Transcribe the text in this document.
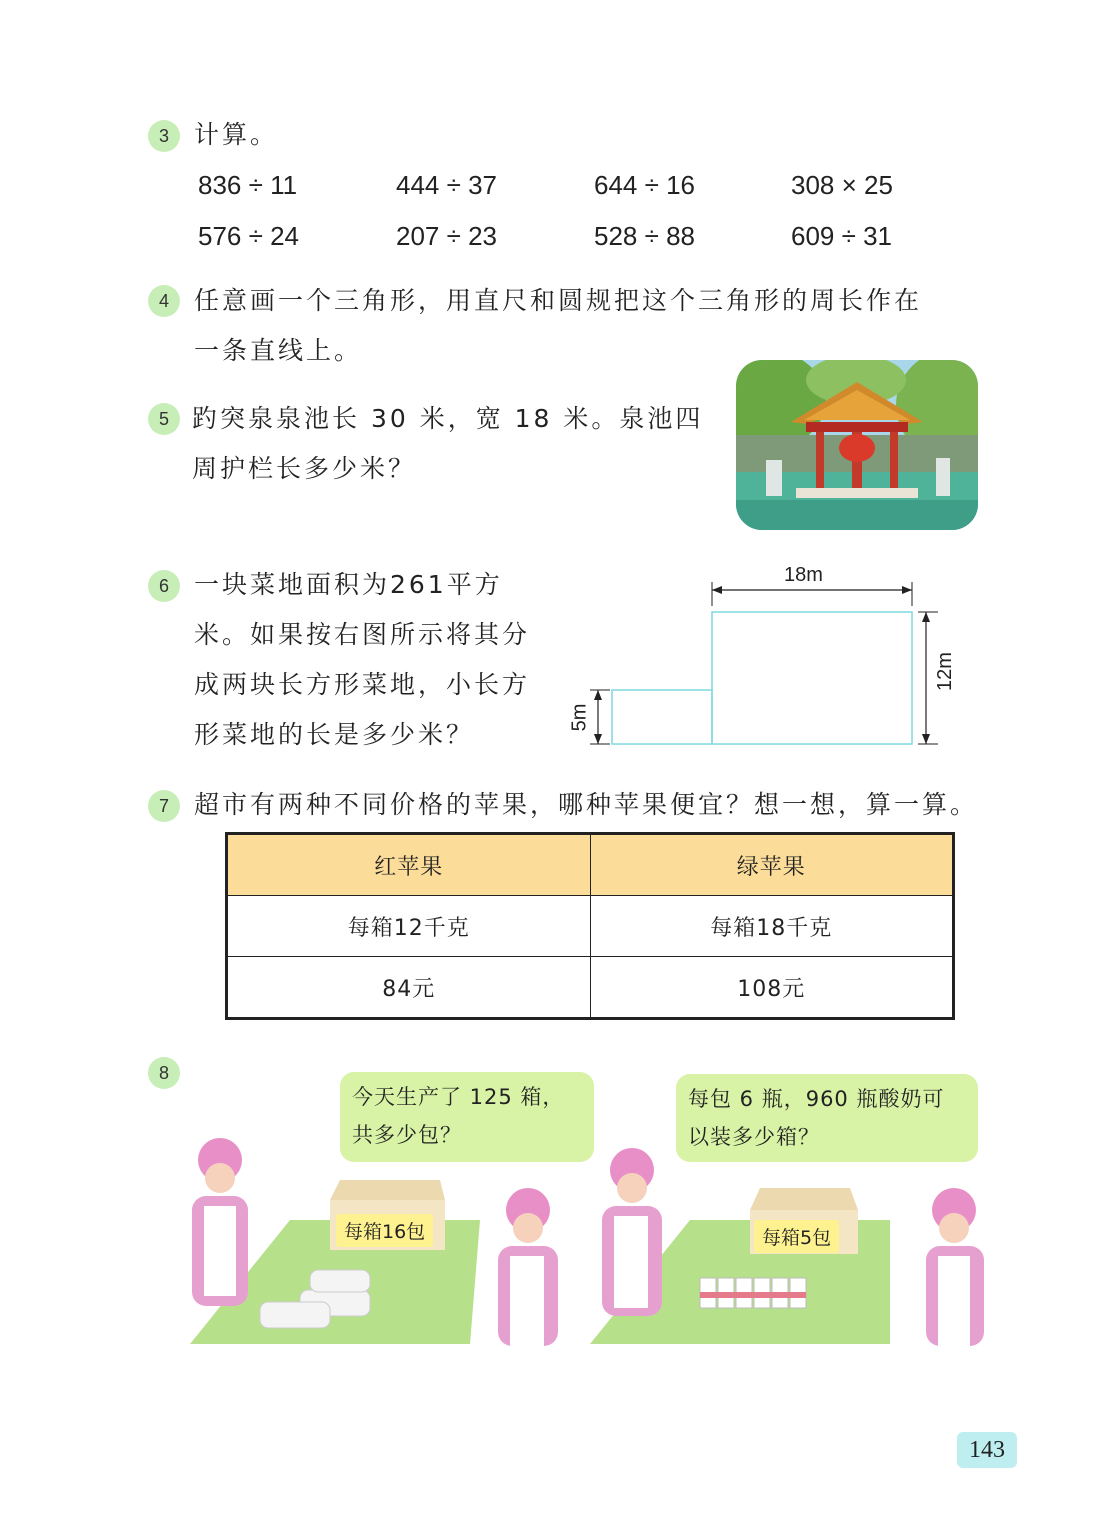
3	计算。
836 ÷ 11	444 ÷ 37	644 ÷ 16	308 × 25
576 ÷ 24	207 ÷ 23	528 ÷ 88	609 ÷ 31
4	任意画一个三角形，用直尺和圆规把这个三角形的周长作在
一条直线上。
5 趵突泉泉池长 30 米，宽 18 米。泉池四
周护栏长多少米？
6	一块菜地面积为261平方
米。如果按右图所示将其分
成两块长方形菜地，小长方
形菜地的长是多少米？
18m
12m
5m
7	超市有两种不同价格的苹果，哪种苹果便宜？想一想，算一算。
红苹果	绿苹果
每箱12千克	每箱18千克
84元	108元
8
今天生产了 125 箱，
共多少包？
每包 6 瓶，960 瓶酸奶可
以装多少箱？
每箱16包	每箱5包
143
